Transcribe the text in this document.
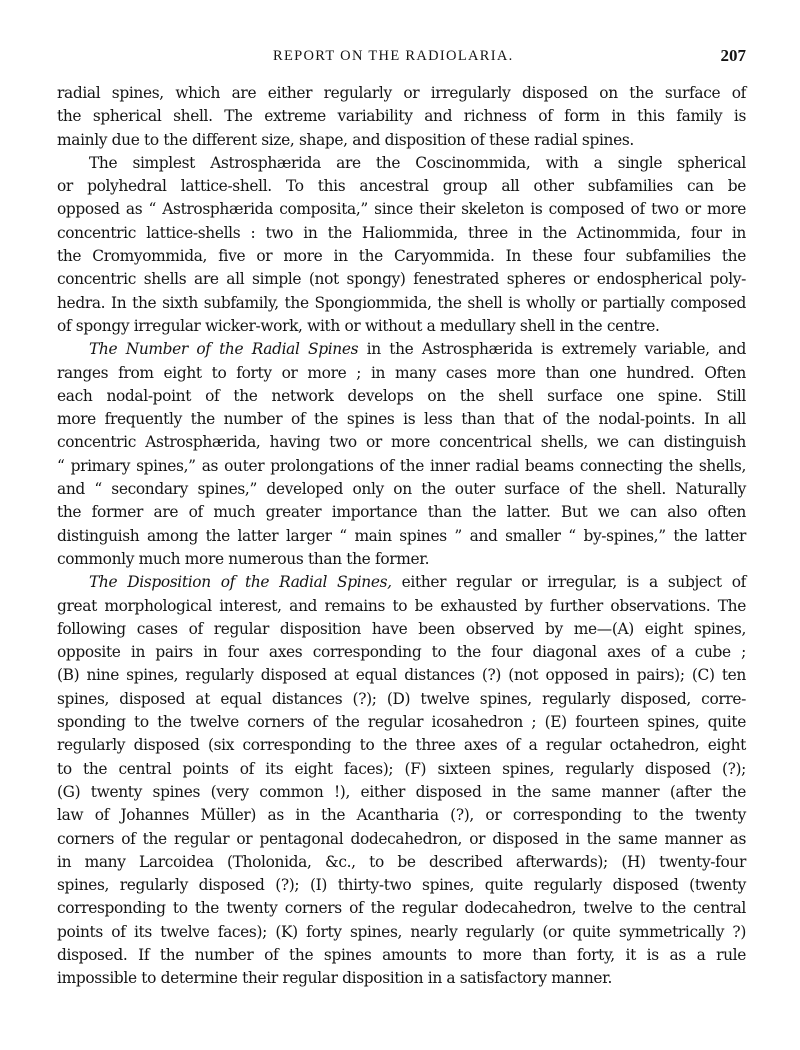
REPORT ON THE RADIOLARIA.	207
radial spines, which are either regularly or irregularly disposed on the surface of
the spherical shell. The extreme variability and richness of form in this family is
mainly due to the different size, shape, and disposition of these radial spines.
The simplest Astrosphærida are the Coscinommida, with a single spherical
or polyhedral lattice-shell. To this ancestral group all other subfamilies can be
opposed as “ Astrosphærida composita,” since their skeleton is composed of two or more
concentric lattice-shells : two in the Haliommida, three in the Actinommida, four in
the Cromyommida, five or more in the Caryommida. In these four subfamilies the
concentric shells are all simple (not spongy) fenestrated spheres or endospherical poly-
hedra. In the sixth subfamily, the Spongiommida, the shell is wholly or partially composed
of spongy irregular wicker-work, with or without a medullary shell in the centre.
The Number of the Radial Spines in the Astrosphærida is extremely variable, and
ranges from eight to forty or more ; in many cases more than one hundred. Often
each nodal-point of the network develops on the shell surface one spine. Still
more frequently the number of the spines is less than that of the nodal-points. In all
concentric Astrosphærida, having two or more concentrical shells, we can distinguish
“ primary spines,” as outer prolongations of the inner radial beams connecting the shells,
and “ secondary spines,” developed only on the outer surface of the shell. Naturally
the former are of much greater importance than the latter. But we can also often
distinguish among the latter larger “ main spines ” and smaller “ by-spines,” the latter
commonly much more numerous than the former.
The Disposition of the Radial Spines, either regular or irregular, is a subject of
great morphological interest, and remains to be exhausted by further observations. The
following cases of regular disposition have been observed by me—(A) eight spines,
opposite in pairs in four axes corresponding to the four diagonal axes of a cube ;
(B) nine spines, regularly disposed at equal distances (?) (not opposed in pairs); (C) ten
spines, disposed at equal distances (?); (D) twelve spines, regularly disposed, corre-
sponding to the twelve corners of the regular icosahedron ; (E) fourteen spines, quite
regularly disposed (six corresponding to the three axes of a regular octahedron, eight
to the central points of its eight faces); (F) sixteen spines, regularly disposed (?);
(G) twenty spines (very common !), either disposed in the same manner (after the
law of Johannes Müller) as in the Acantharia (?), or corresponding to the twenty
corners of the regular or pentagonal dodecahedron, or disposed in the same manner as
in many Larcoidea (Tholonida, &c., to be described afterwards); (H) twenty-four
spines, regularly disposed (?); (I) thirty-two spines, quite regularly disposed (twenty
corresponding to the twenty corners of the regular dodecahedron, twelve to the central
points of its twelve faces); (K) forty spines, nearly regularly (or quite symmetrically ?)
disposed. If the number of the spines amounts to more than forty, it is as a rule
impossible to determine their regular disposition in a satisfactory manner.
